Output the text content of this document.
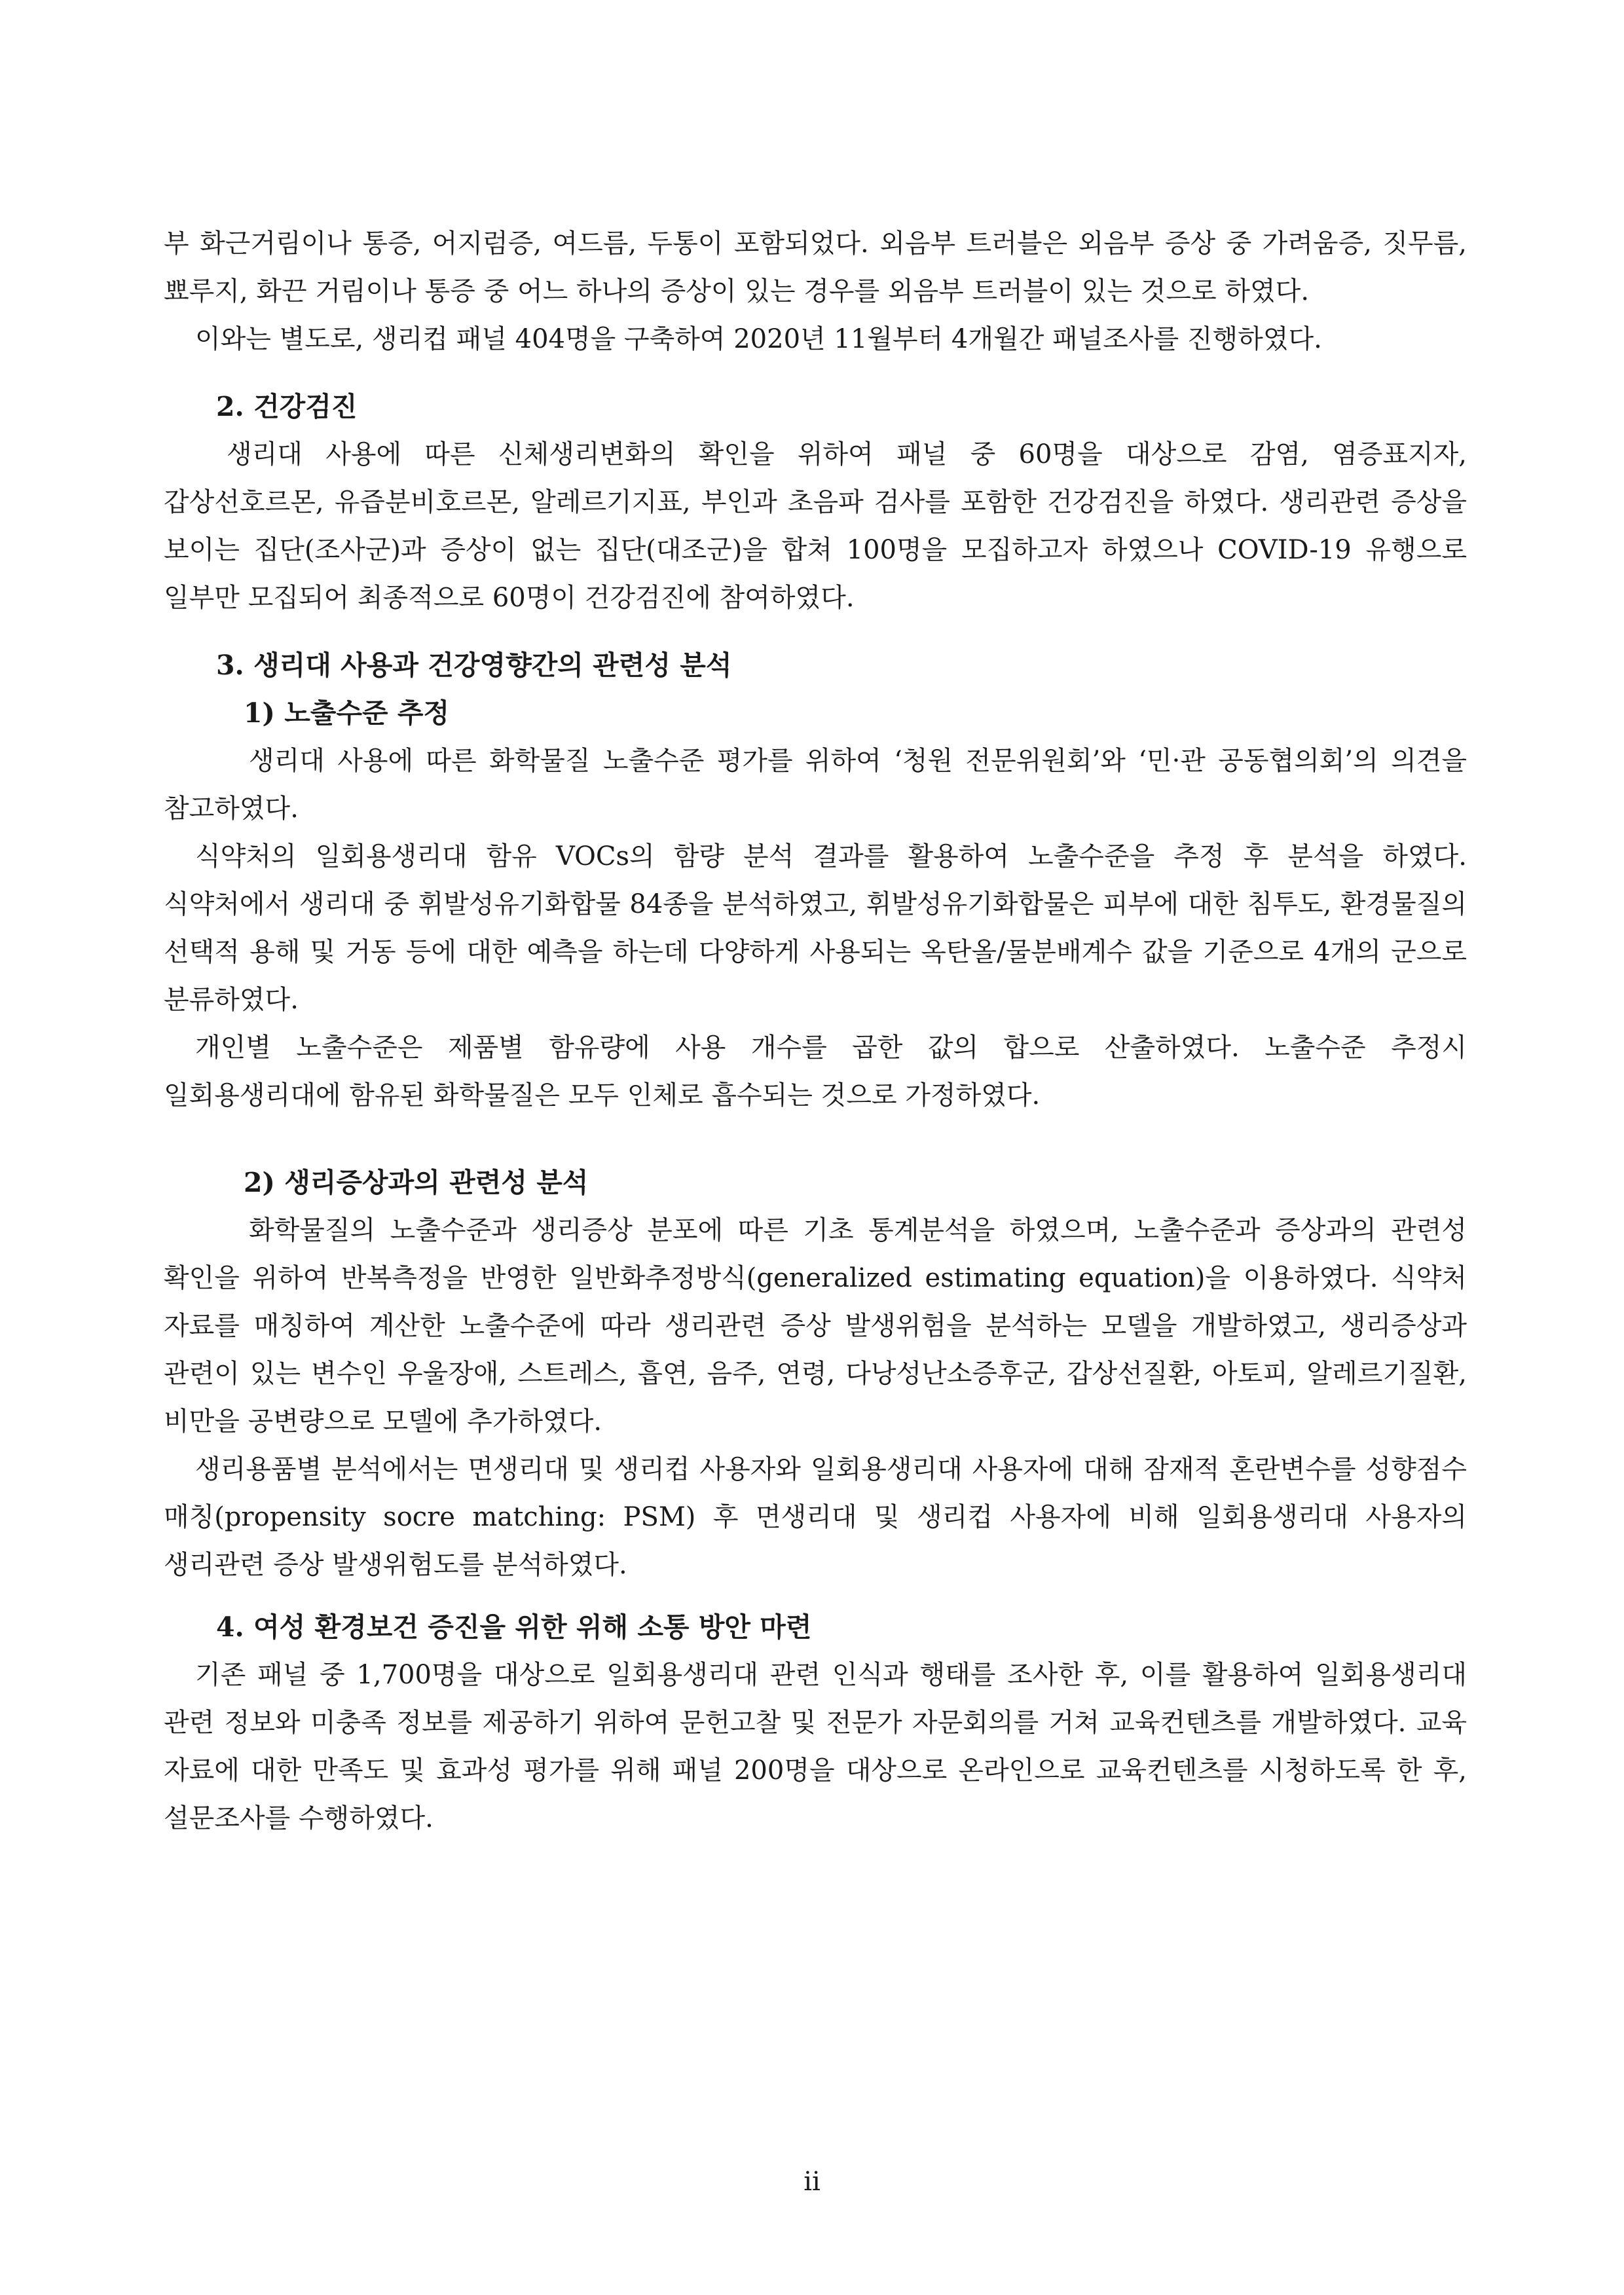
부 화근거림이나 통증, 어지럼증, 여드름, 두통이 포함되었다. 외음부 트러블은 외음부 증상 중 가려움증, 짓무름, 뾰루지, 화끈 거림이나 통증 중 어느 하나의 증상이 있는 경우를 외음부 트러블이 있는 것으로 하였다.

이와는 별도로, 생리컵 패널 404명을 구축하여 2020년 11월부터 4개월간 패널조사를 진행하였다.

2. 건강검진

생리대 사용에 따른 신체생리변화의 확인을 위하여 패널 중 60명을 대상으로 감염, 염증표지자, 갑상선호르몬, 유즙분비호르몬, 알레르기지표, 부인과 초음파 검사를 포함한 건강검진을 하였다. 생리관련 증상을 보이는 집단(조사군)과 증상이 없는 집단(대조군)을 합쳐 100명을 모집하고자 하였으나 COVID-19 유행으로 일부만 모집되어 최종적으로 60명이 건강검진에 참여하였다.

3. 생리대 사용과 건강영향간의 관련성 분석
1) 노출수준 추정

생리대 사용에 따른 화학물질 노출수준 평가를 위하여 ‘청원 전문위원회’와 ‘민·관 공동협의회’의 의견을 참고하였다.

식약처의 일회용생리대 함유 VOCs의 함량 분석 결과를 활용하여 노출수준을 추정 후 분석을 하였다. 식약처에서 생리대 중 휘발성유기화합물 84종을 분석하였고, 휘발성유기화합물은 피부에 대한 침투도, 환경물질의 선택적 용해 및 거동 등에 대한 예측을 하는데 다양하게 사용되는 옥탄올/물분배계수 값을 기준으로 4개의 군으로 분류하였다.

개인별 노출수준은 제품별 함유량에 사용 개수를 곱한 값의 합으로 산출하였다. 노출수준 추정시 일회용생리대에 함유된 화학물질은 모두 인체로 흡수되는 것으로 가정하였다.

2) 생리증상과의 관련성 분석

화학물질의 노출수준과 생리증상 분포에 따른 기초 통계분석을 하였으며, 노출수준과 증상과의 관련성 확인을 위하여 반복측정을 반영한 일반화추정방식(generalized estimating equation)을 이용하였다. 식약처 자료를 매칭하여 계산한 노출수준에 따라 생리관련 증상 발생위험을 분석하는 모델을 개발하였고, 생리증상과 관련이 있는 변수인 우울장애, 스트레스, 흡연, 음주, 연령, 다낭성난소증후군, 갑상선질환, 아토피, 알레르기질환, 비만을 공변량으로 모델에 추가하였다.

생리용품별 분석에서는 면생리대 및 생리컵 사용자와 일회용생리대 사용자에 대해 잠재적 혼란변수를 성향점수 매칭(propensity socre matching: PSM) 후 면생리대 및 생리컵 사용자에 비해 일회용생리대 사용자의 생리관련 증상 발생위험도를 분석하였다.

4. 여성 환경보건 증진을 위한 위해 소통 방안 마련

기존 패널 중 1,700명을 대상으로 일회용생리대 관련 인식과 행태를 조사한 후, 이를 활용하여 일회용생리대 관련 정보와 미충족 정보를 제공하기 위하여 문헌고찰 및 전문가 자문회의를 거쳐 교육컨텐츠를 개발하였다. 교육 자료에 대한 만족도 및 효과성 평가를 위해 패널 200명을 대상으로 온라인으로 교육컨텐츠를 시청하도록 한 후, 설문조사를 수행하였다.

ii
